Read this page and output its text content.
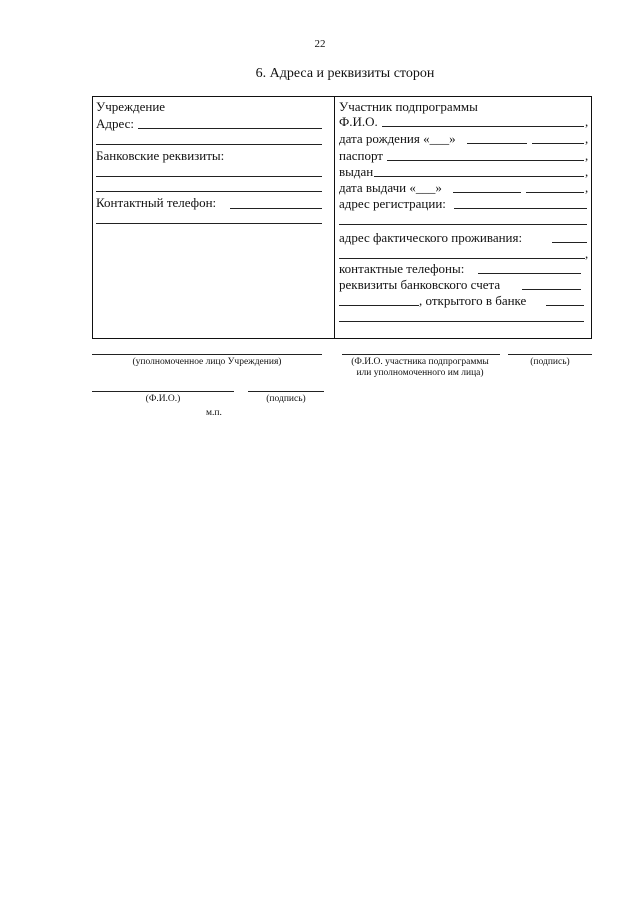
22
6. Адреса и реквизиты сторон
Учреждение
Адрес:
Банковские реквизиты:
Контактный телефон:
Участник подпрограммы
Ф.И.О.	,
дата рождения «___»	,
паспорт	,
выдан	,
дата выдачи «___»	,
адрес регистрации:
адрес фактического проживания:
,
контактные телефоны:
реквизиты банковского счета
, открытого в банке
(уполномоченное лицо Учреждения)	(Ф.И.О. участника подпрограммы
или уполномоченного им лица)
(подпись)
(Ф.И.О.)	(подпись)
м.п.
